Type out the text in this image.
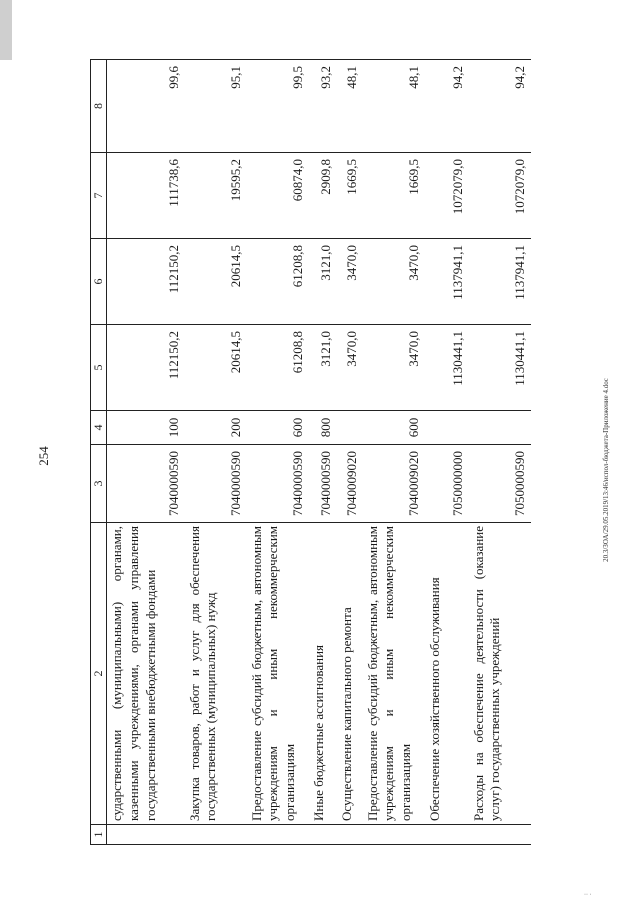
254
1	2	3	4	5	6	7	8
	сударственными (муниципальными) органами, казенными учреждениями, органами управления государственными внебюджетными фондами	7040000590	100	112150,2	112150,2	111738,6	99,6
	Закупка товаров, работ и услуг для обеспечения государственных (муниципальных) нужд	7040000590	200	20614,5	20614,5	19595,2	95,1
	Предоставление субсидий бюджетным, автономным учреждениям и иным некоммерческим организациям	7040000590	600	61208,8	61208,8	60874,0	99,5
	Иные бюджетные ассигнования	7040000590	800	3121,0	3121,0	2909,8	93,2
	Осуществление капитального ремонта	7040009020		3470,0	3470,0	1669,5	48,1
	Предоставление субсидий бюджетным, автономным учреждениям и иным некоммерческим организациям	7040009020	600	3470,0	3470,0	1669,5	48,1
	Обеспечение хозяйственного обслуживания	7050000000		1130441,1	1137941,1	1072079,0	94,2
	Расходы на обеспечение деятельности (оказание услуг) государственных учреждений	7050000590		1130441,1	1137941,1	1072079,0	94,2
20.3/ЗОА/29.05.2019/13:46/испол-бюджета-Приложение 4.doc
·· ·
